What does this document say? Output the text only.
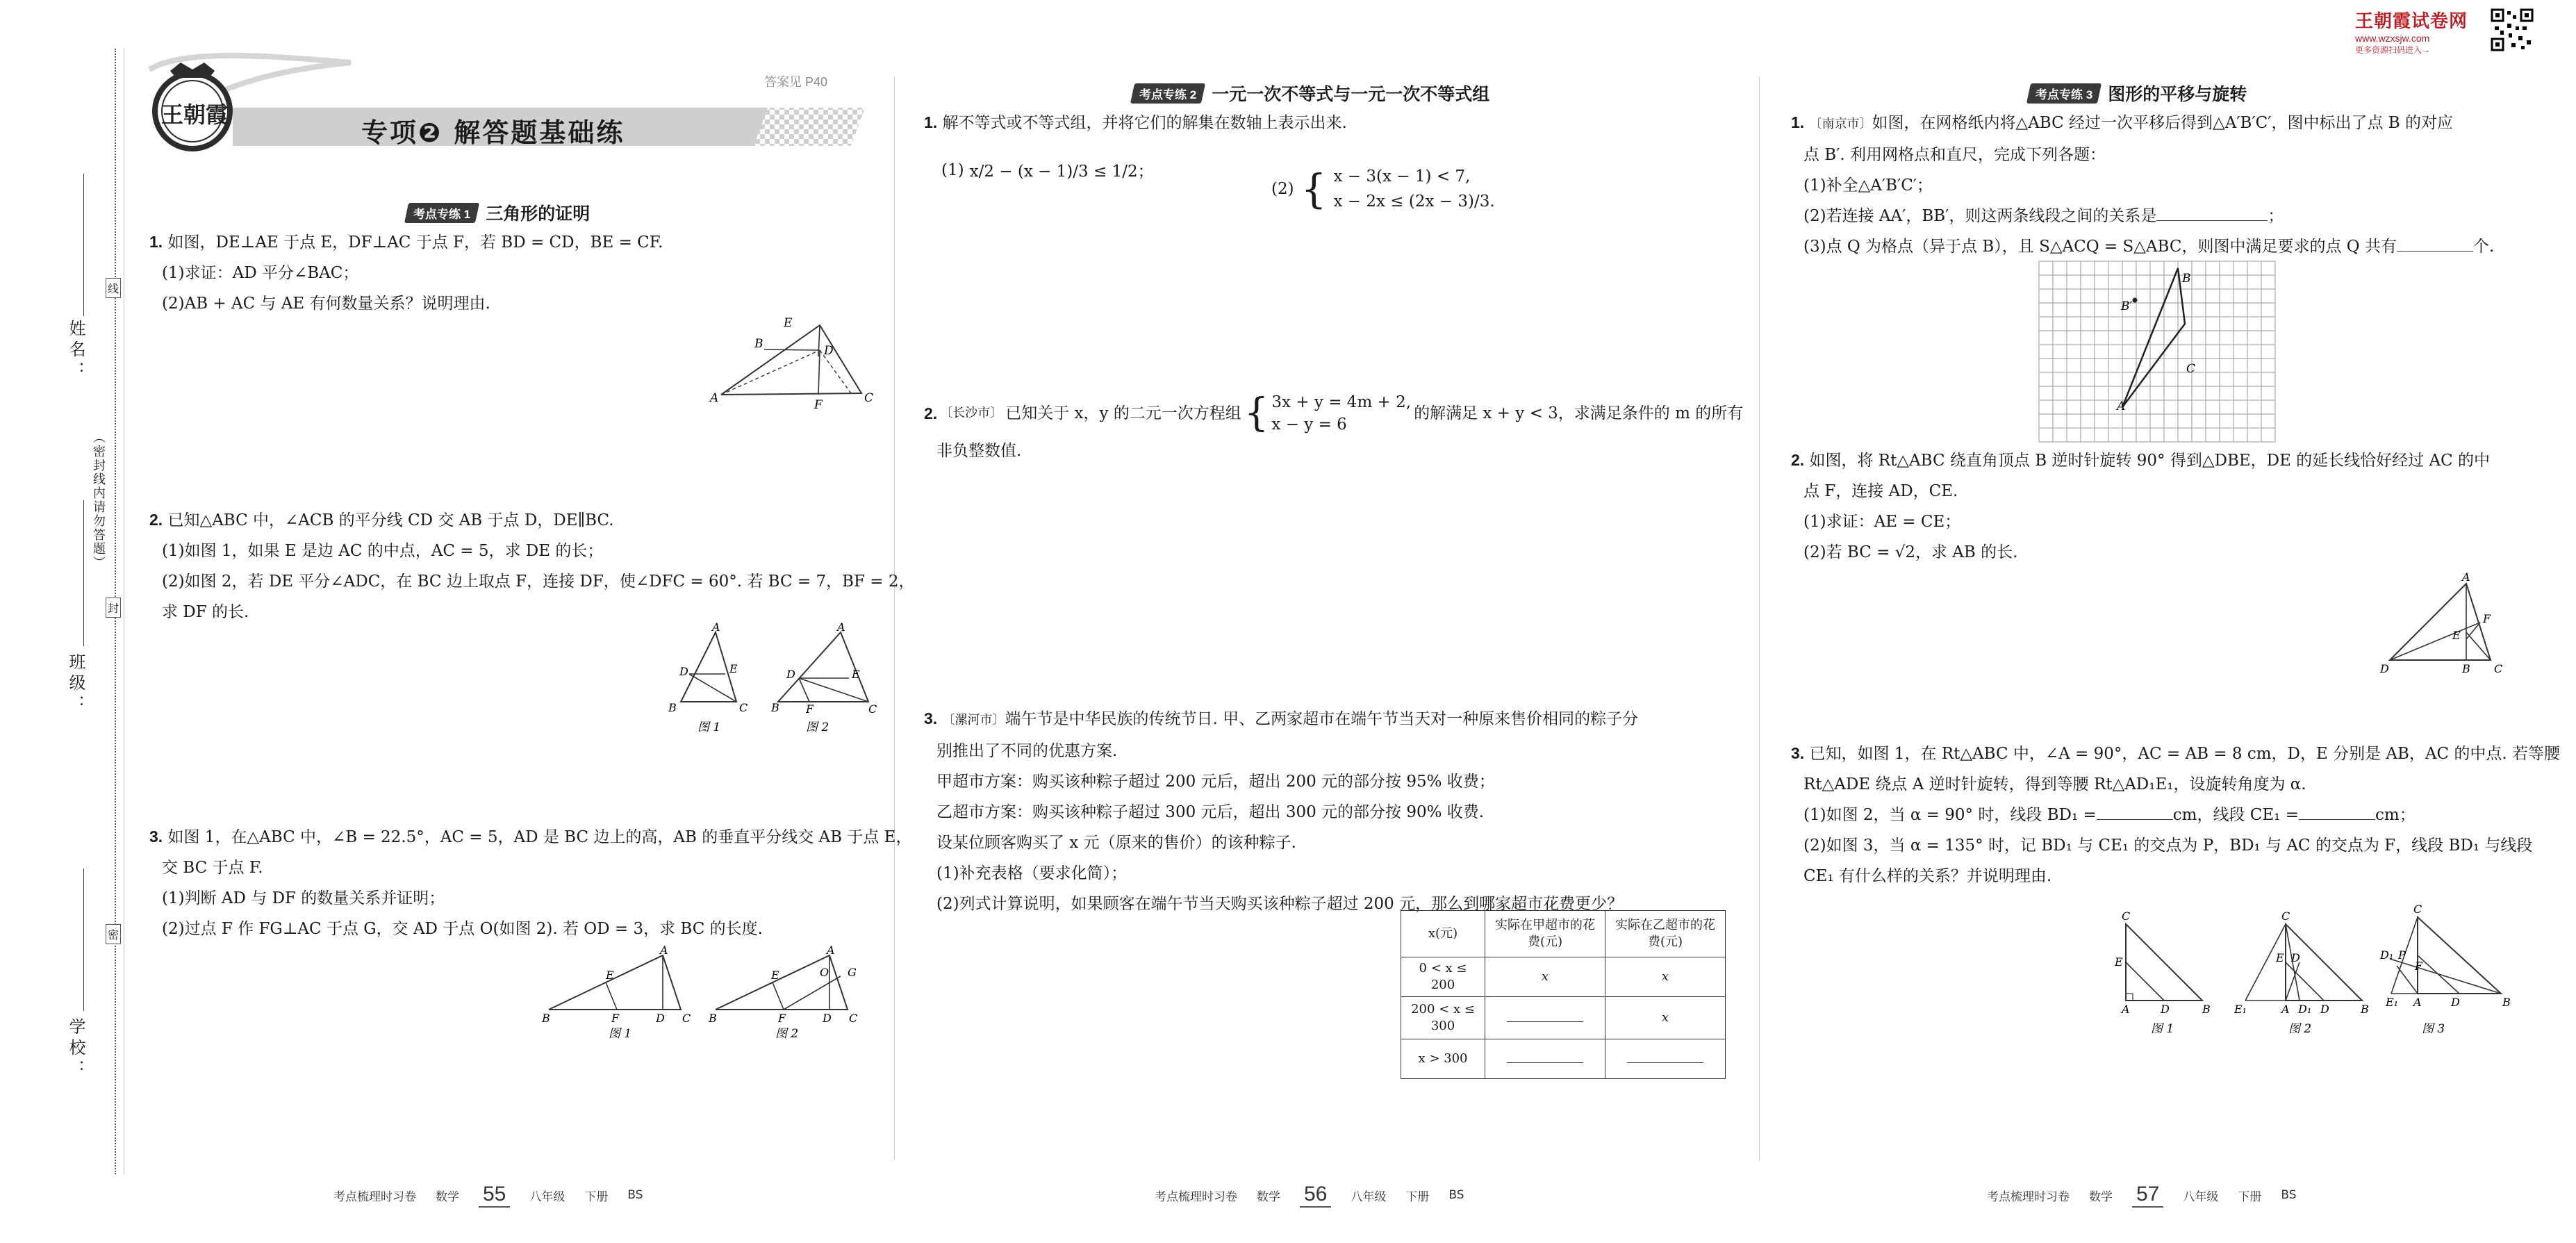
王朝霞试卷网
www.wzxsjw.com
更多资源扫码进入→
姓名：
班级：
学校：
（密封线内请勿答题）
线
封
密
答案见 P40
王朝霞
专项❷ 解答题基础练
考点专练 1 三角形的证明

1. 如图，DE⊥AE 于点 E，DF⊥AC 于点 F，若 BD = CD，BE = CF.

(1)求证：AD 平分∠BAC；

(2)AB + AC 与 AE 有何数量关系？说明理由.

A
B
E
D
F	C

2. 已知△ABC 中，∠ACB 的平分线 CD 交 AB 于点 D，DE∥BC.

(1)如图 1，如果 E 是边 AC 的中点，AC = 5，求 DE 的长；

(2)如图 2，若 DE 平分∠ADC，在 BC 边上取点 F，连接 DF，使∠DFC = 60°. 若 BC = 7，BF = 2，

求 DF 的长.

A
D	E
B	C
图 1
A
D	E
B F	C
图 2

3. 如图 1，在△ABC 中，∠B = 22.5°，AC = 5，AD 是 BC 边上的高，AB 的垂直平分线交 AB 于点 E，

交 BC 于点 F.

(1)判断 AD 与 DF 的数量关系并证明；

(2)过点 F 作 FG⊥AC 于点 G，交 AD 于点 O(如图 2). 若 OD = 3，求 BC 的长度.

B
E
F	D
A
C
图 1
B
E
F	D
O G
A
C
图 2
考点梳理时习卷 数学 55	八年级 下册 BS
考点专练 2 一元一次不等式与一元一次不等式组

1. 解不等式或不等式组，并将它们的解集在数轴上表示出来.

(1) x/2 − (x − 1)/3 ≤ 1/2；
(2) { x − 3(x − 1) < 7,
x − 2x ≤ (2x − 3)/3.
2. 〔长沙市〕 已知关于 x，y 的二元一次方程组 { 3x + y = 4m + 2,
x − y = 6
的解满足 x + y < 3，求满足条件的 m 的所有
非负整数值.

3. 〔漯河市〕端午节是中华民族的传统节日. 甲、乙两家超市在端午节当天对一种原来售价相同的粽子分

别推出了不同的优惠方案.

甲超市方案：购买该种粽子超过 200 元后，超出 200 元的部分按 95% 收费；

乙超市方案：购买该种粽子超过 300 元后，超出 300 元的部分按 90% 收费.

设某位顾客购买了 x 元（原来的售价）的该种粽子.

(1)补充表格（要求化简）；

(2)列式计算说明，如果顾客在端午节当天购买该种粽子超过 200 元，那么到哪家超市花费更少？

x(元)	实际在甲超市的花费(元)	实际在乙超市的花费(元)
0 < x ≤ 200	x	x
200 < x ≤ 300		x
x > 300		
考点梳理时习卷 数学 56	八年级 下册 BS
考点专练 3 图形的平移与旋转

1. 〔南京市〕如图，在网格纸内将△ABC 经过一次平移后得到△A′B′C′，图中标出了点 B 的对应

点 B′. 利用网格点和直尺，完成下列各题：

(1)补全△A′B′C′；

(2)若连接 AA′，BB′，则这两条线段之间的关系是	；

(3)点 Q 为格点（异于点 B），且 S△ACQ = S△ABC，则图中满足要求的点 Q 共有	个.

B
B′
C
A

2. 如图，将 Rt△ABC 绕直角顶点 B 逆时针旋转 90° 得到△DBE，DE 的延长线恰好经过 AC 的中

点 F，连接 AD，CE.

(1)求证：AE = CE；

(2)若 BC = √2，求 AB 的长.

A
E
F
D	B C

3. 已知，如图 1，在 Rt△ABC 中，∠A = 90°，AC = AB = 8 cm，D，E 分别是 AB，AC 的中点. 若等腰

Rt△ADE 绕点 A 逆时针旋转，得到等腰 Rt△AD₁E₁，设旋转角度为 α.

(1)如图 2，当 α = 90° 时，线段 BD₁ =	cm，线段 CE₁ =	cm；

(2)如图 3，当 α = 135° 时，记 BD₁ 与 CE₁ 的交点为 P，BD₁ 与 AC 的交点为 F，线段 BD₁ 与线段

CE₁ 有什么样的关系？并说明理由.

C
E
A	D	B
图 1
C
E D
E₁	A D₁ D	B
图 2
C
D₁ P
F
E₁ A	D	B
图 3
考点梳理时习卷 数学 57	八年级 下册 BS
